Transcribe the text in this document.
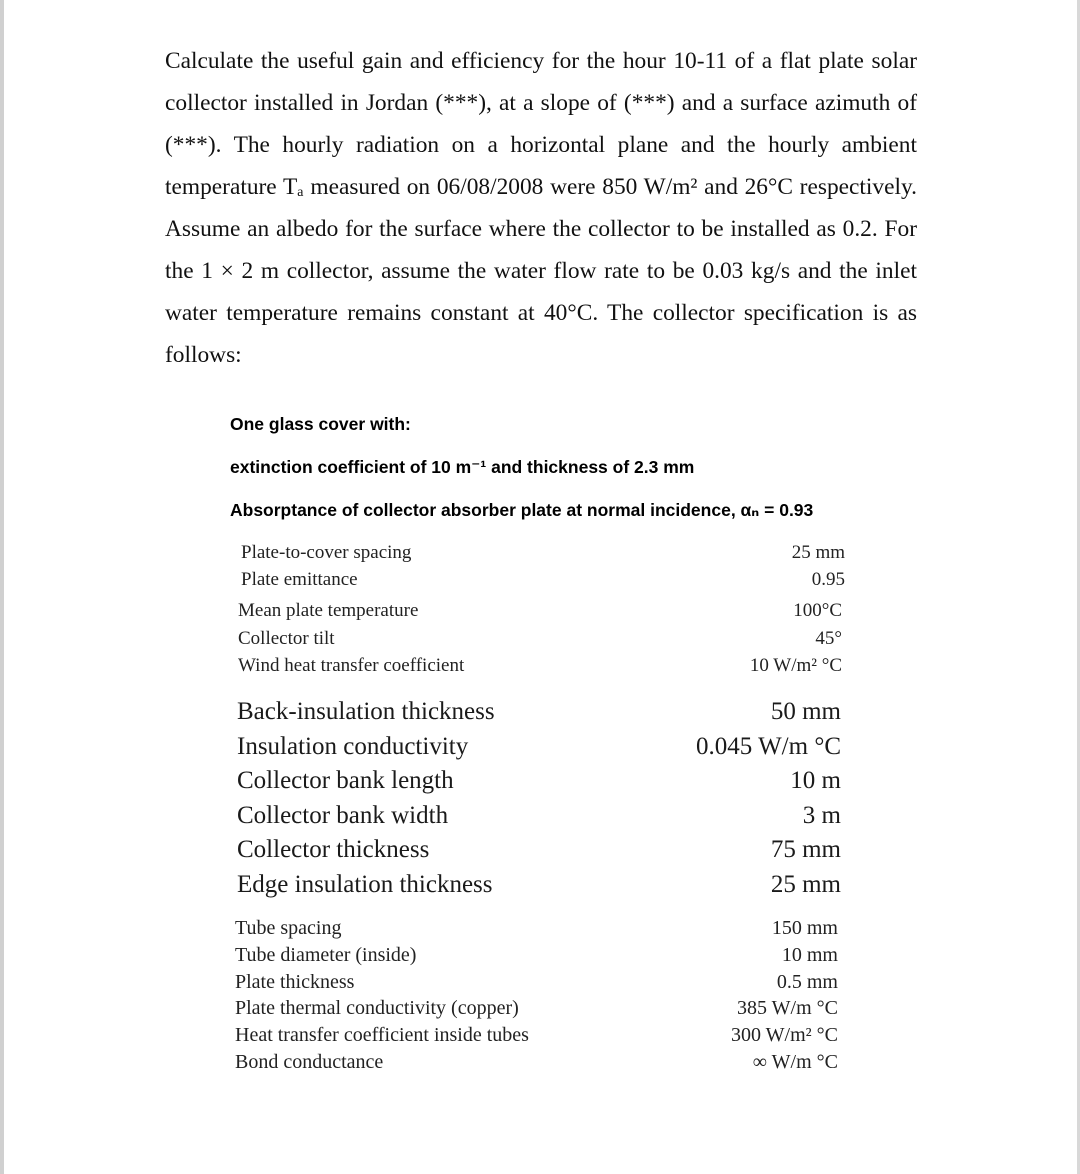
Calculate the useful gain and efficiency for the hour 10-11 of a flat plate solar collector installed in Jordan (***), at a slope of (***) and a surface azimuth of (***). The hourly radiation on a horizontal plane and the hourly ambient temperature Tₐ measured on 06/08/2008 were 850 W/m² and 26°C respectively. Assume an albedo for the surface where the collector to be installed as 0.2. For the 1 × 2 m collector, assume the water flow rate to be 0.03 kg/s and the inlet water temperature remains constant at 40°C. The collector specification is as follows:

One glass cover with:
extinction coefficient of 10 m⁻¹ and thickness of 2.3 mm
Absorptance of collector absorber plate at normal incidence, αₙ = 0.93
Plate-to-cover spacing	25 mm
Plate emittance	0.95
Mean plate temperature	100°C
Collector tilt	45°
Wind heat transfer coefficient	10 W/m² °C
Back-insulation thickness	50 mm
Insulation conductivity	0.045 W/m °C
Collector bank length	10 m
Collector bank width	3 m
Collector thickness	75 mm
Edge insulation thickness	25 mm
Tube spacing	150 mm
Tube diameter (inside)	10 mm
Plate thickness	0.5 mm
Plate thermal conductivity (copper)	385 W/m °C
Heat transfer coefficient inside tubes	300 W/m² °C
Bond conductance	∞ W/m °C
